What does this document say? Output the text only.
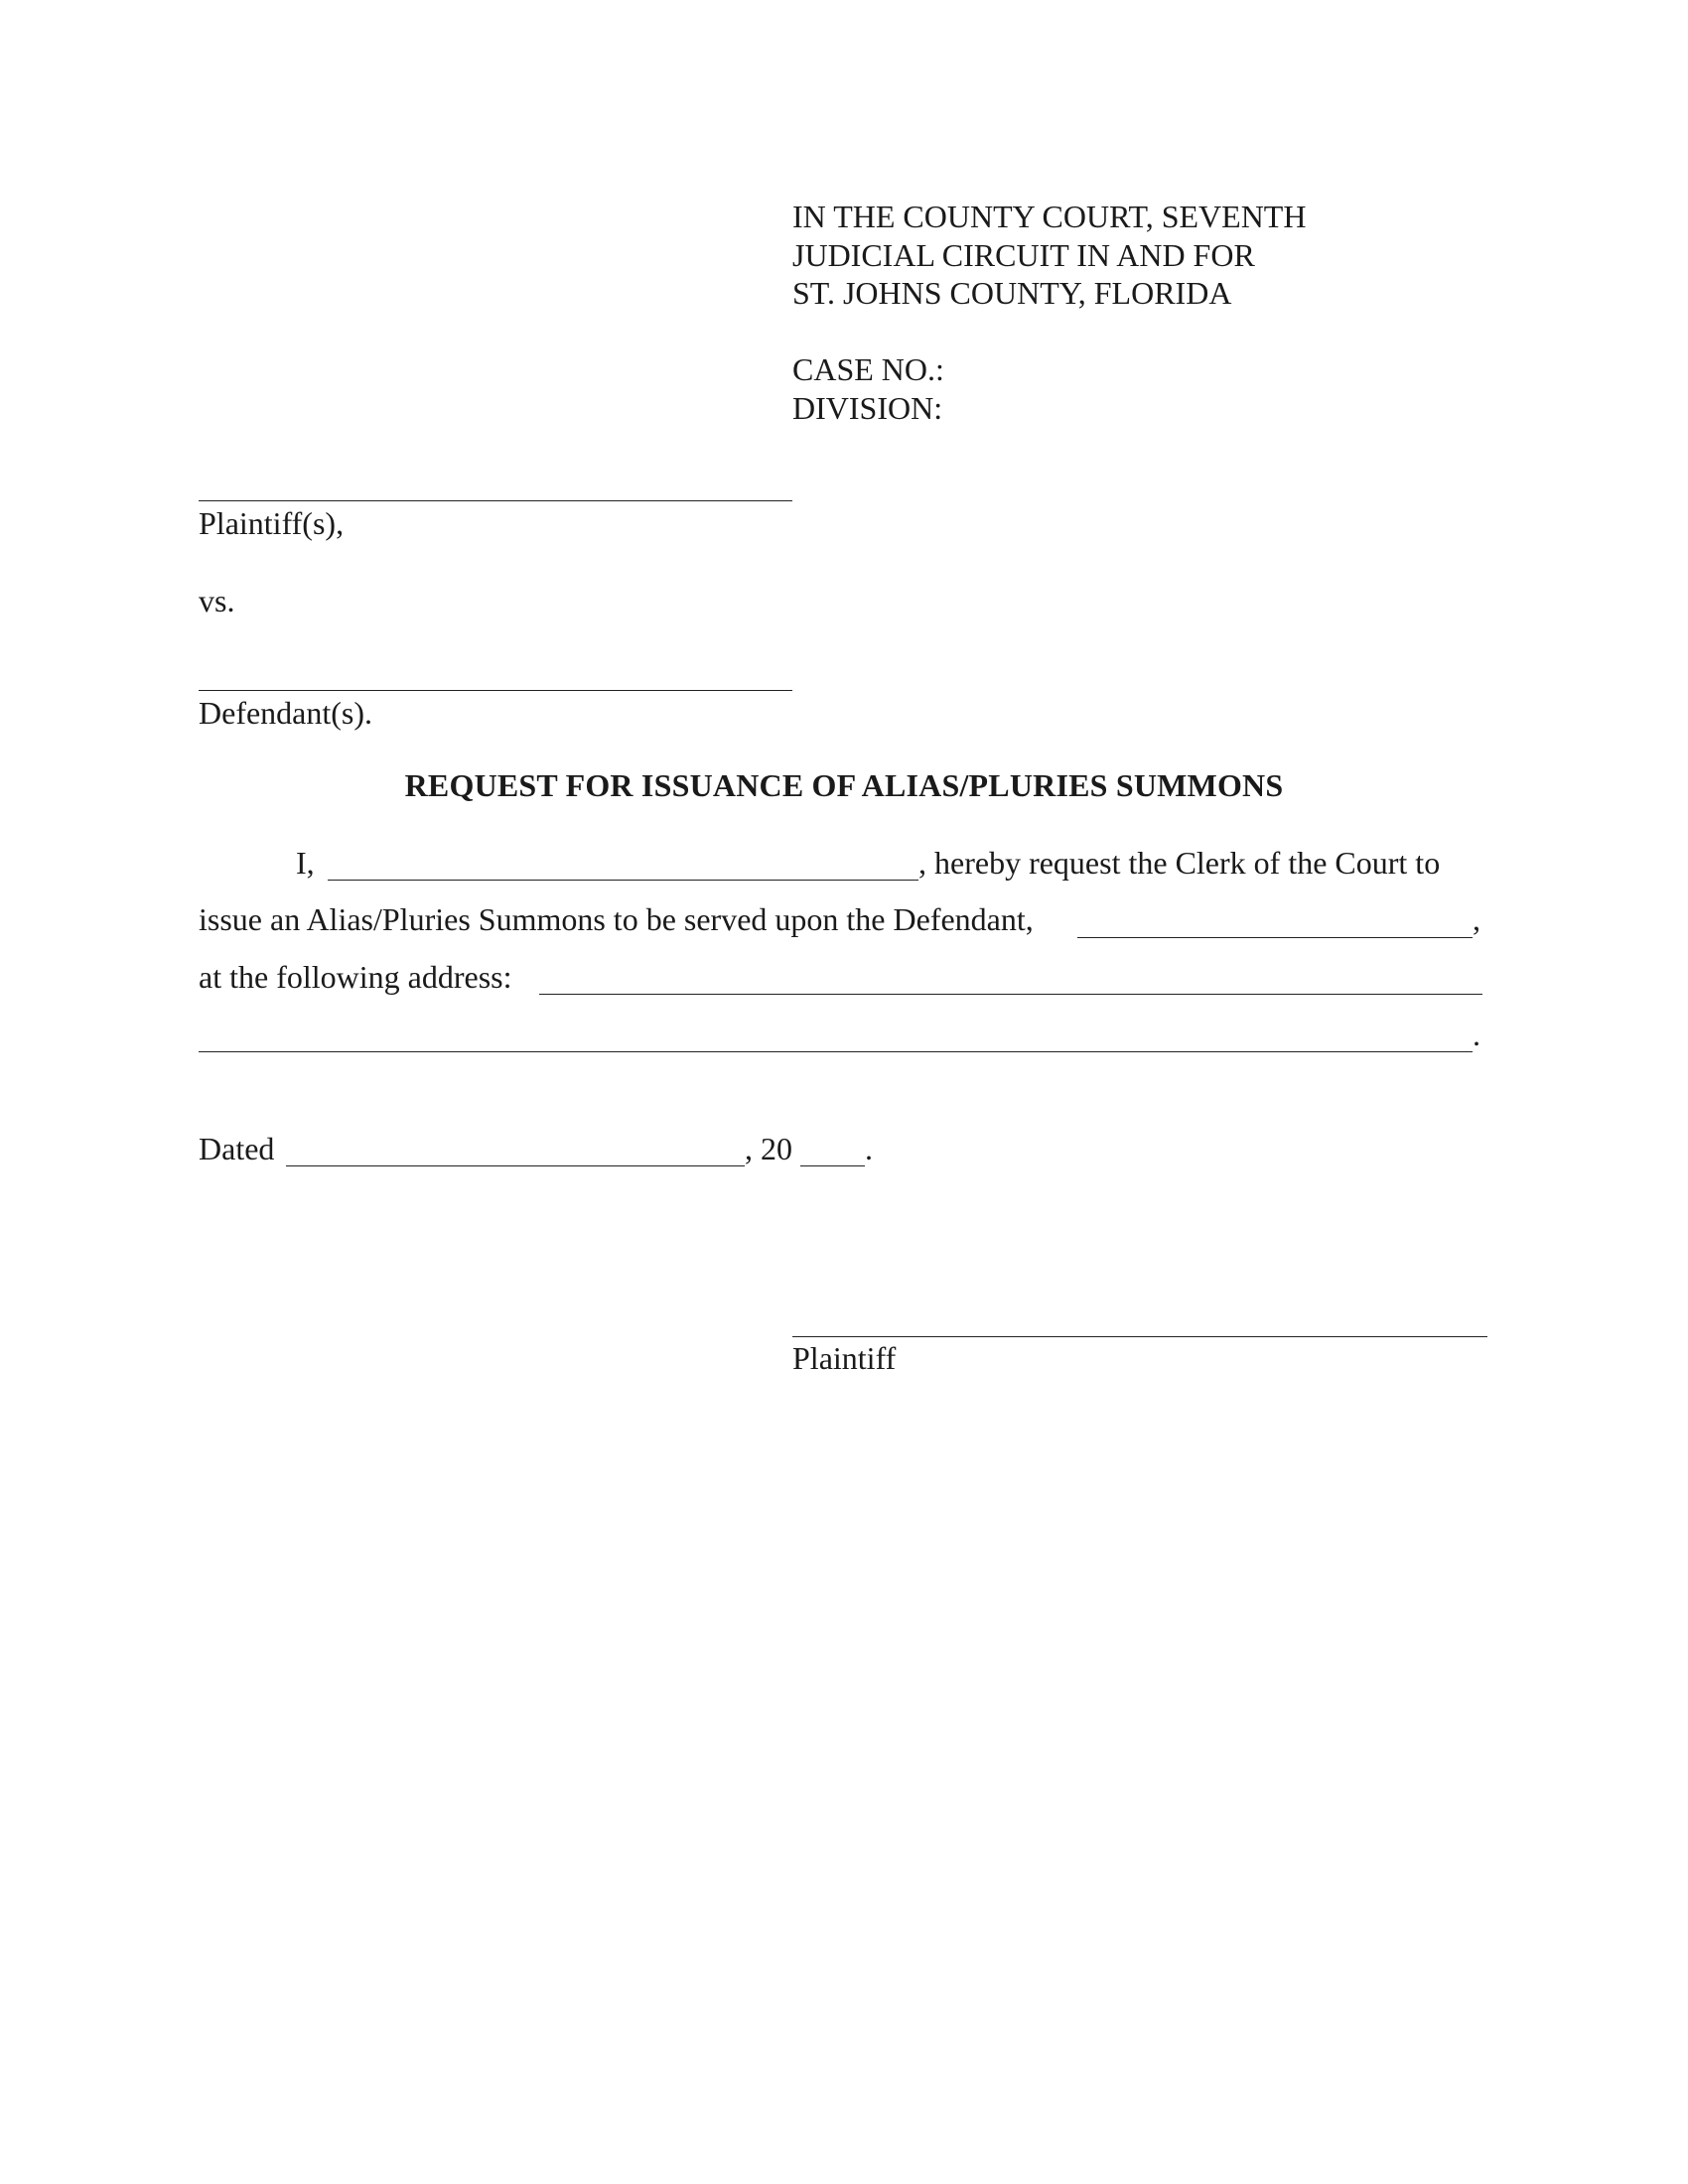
IN THE COUNTY COURT, SEVENTH
JUDICIAL CIRCUIT IN AND FOR
ST. JOHNS COUNTY, FLORIDA
CASE NO.:
DIVISION:
Plaintiff(s),
vs.
Defendant(s).
REQUEST FOR ISSUANCE OF ALIAS/PLURIES SUMMONS
I,	, hereby request the Clerk of the Court to
issue an Alias/Pluries Summons to be served upon the Defendant,	,
at the following address:
.
Dated	, 20 .
Plaintiff
